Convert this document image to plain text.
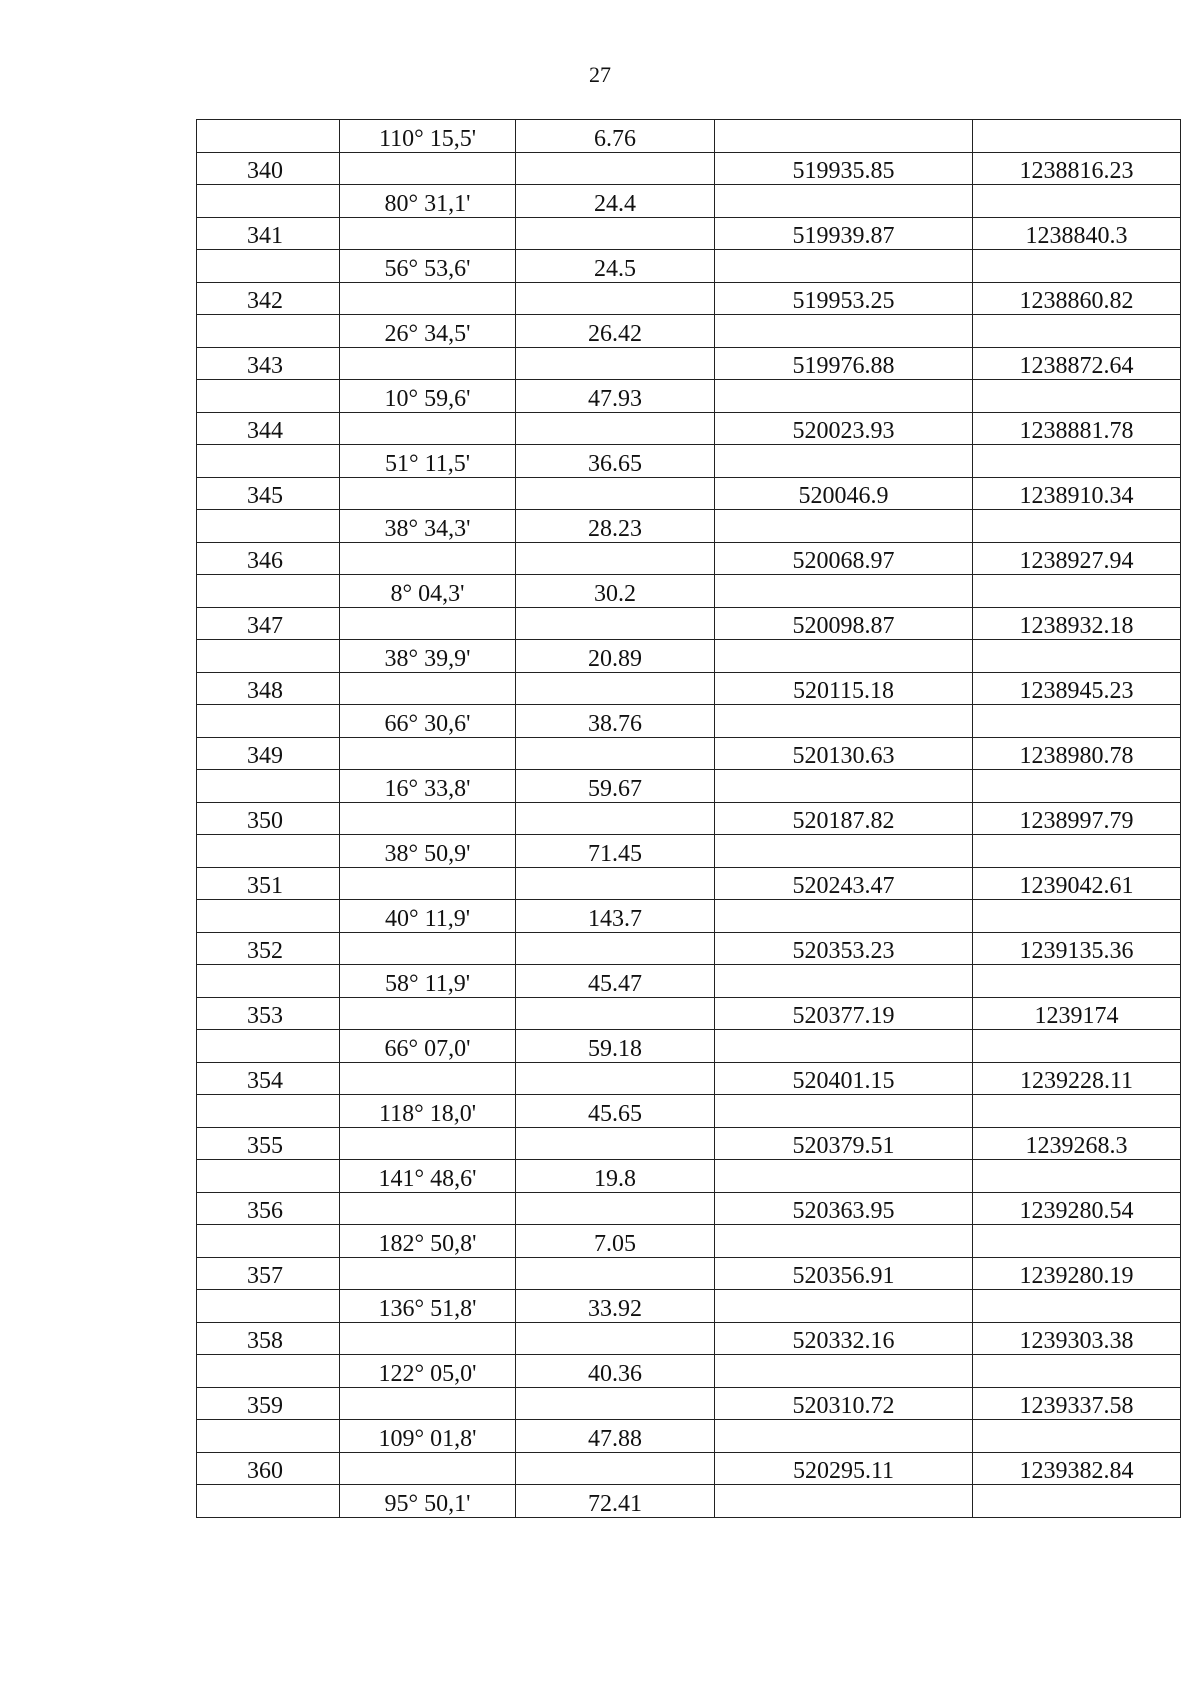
27
	110° 15,5'	6.76		
340			519935.85	1238816.23
	80° 31,1'	24.4		
341			519939.87	1238840.3
	56° 53,6'	24.5		
342			519953.25	1238860.82
	26° 34,5'	26.42		
343			519976.88	1238872.64
	10° 59,6'	47.93		
344			520023.93	1238881.78
	51° 11,5'	36.65		
345			520046.9	1238910.34
	38° 34,3'	28.23		
346			520068.97	1238927.94
	8° 04,3'	30.2		
347			520098.87	1238932.18
	38° 39,9'	20.89		
348			520115.18	1238945.23
	66° 30,6'	38.76		
349			520130.63	1238980.78
	16° 33,8'	59.67		
350			520187.82	1238997.79
	38° 50,9'	71.45		
351			520243.47	1239042.61
	40° 11,9'	143.7		
352			520353.23	1239135.36
	58° 11,9'	45.47		
353			520377.19	1239174
	66° 07,0'	59.18		
354			520401.15	1239228.11
	118° 18,0'	45.65		
355			520379.51	1239268.3
	141° 48,6'	19.8		
356			520363.95	1239280.54
	182° 50,8'	7.05		
357			520356.91	1239280.19
	136° 51,8'	33.92		
358			520332.16	1239303.38
	122° 05,0'	40.36		
359			520310.72	1239337.58
	109° 01,8'	47.88		
360			520295.11	1239382.84
	95° 50,1'	72.41		
